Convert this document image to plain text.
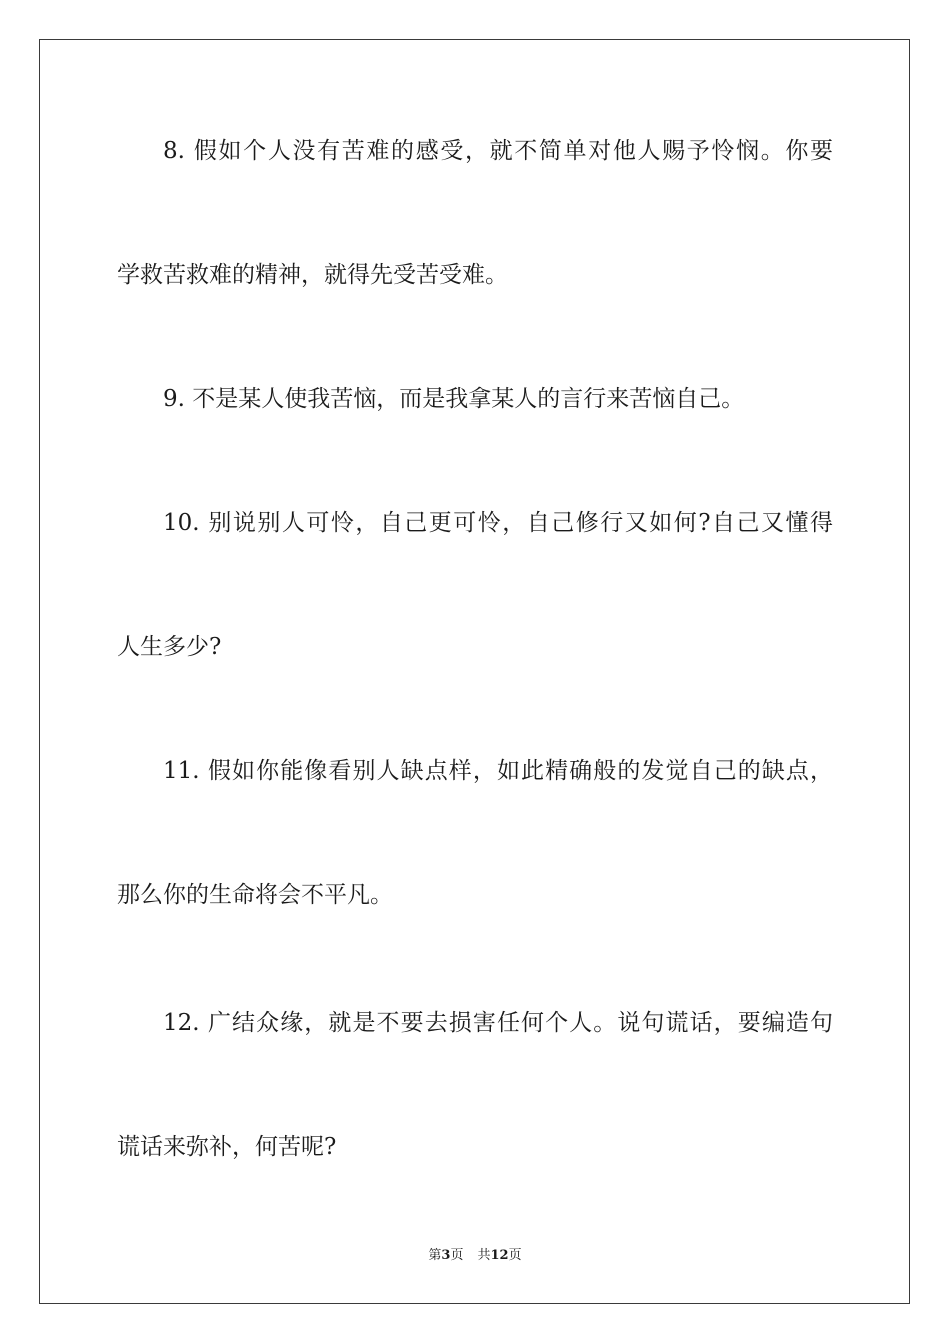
8. 假如个人没有苦难的感受，就不简单对他人赐予怜悯。你要
学救苦救难的精神，就得先受苦受难。
9. 不是某人使我苦恼，而是我拿某人的言行来苦恼自己。
10. 别说别人可怜，自己更可怜，自己修行又如何?自己又懂得
人生多少?
11. 假如你能像看别人缺点样，如此精确般的发觉自己的缺点，
那么你的生命将会不平凡。
12. 广结众缘，就是不要去损害任何个人。说句谎话，要编造句
谎话来弥补，何苦呢?
第3页 共12页
